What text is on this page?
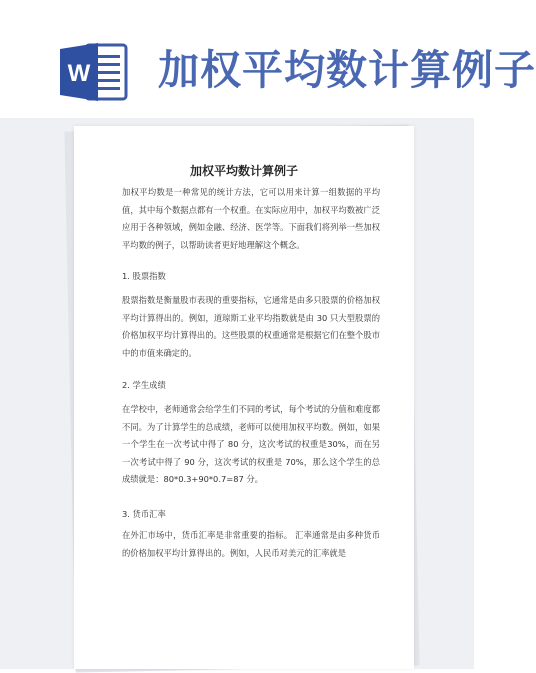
W 加权平均数计算例子
加权平均数计算例子
加权平均数是一种常见的统计方法，它可以用来计算一组数据的平均值，其中每个数据点都有一个权重。在实际应用中，加权平均数被广泛应用于各种领域，例如金融、经济、医学等。下面我们将列举一些加权平均数的例子，以帮助读者更好地理解这个概念。
1. 股票指数
股票指数是衡量股市表现的重要指标，它通常是由多只股票的价格加权平均计算得出的。例如，道琼斯工业平均指数就是由 30 只大型股票的价格加权平均计算得出的。这些股票的权重通常是根据它们在整个股市中的市值来确定的。
2. 学生成绩
在学校中，老师通常会给学生们不同的考试，每个考试的分值和难度都不同。为了计算学生的总成绩，老师可以使用加权平均数。例如，如果一个学生在一次考试中得了 80 分，这次考试的权重是30%，而在另一次考试中得了 90 分，这次考试的权重是 70%，那么这个学生的总成绩就是：80*0.3+90*0.7=87 分。
3. 货币汇率
在外汇市场中，货币汇率是非常重要的指标。 汇率通常是由多种货币的价格加权平均计算得出的。例如，人民币对美元的汇率就是
